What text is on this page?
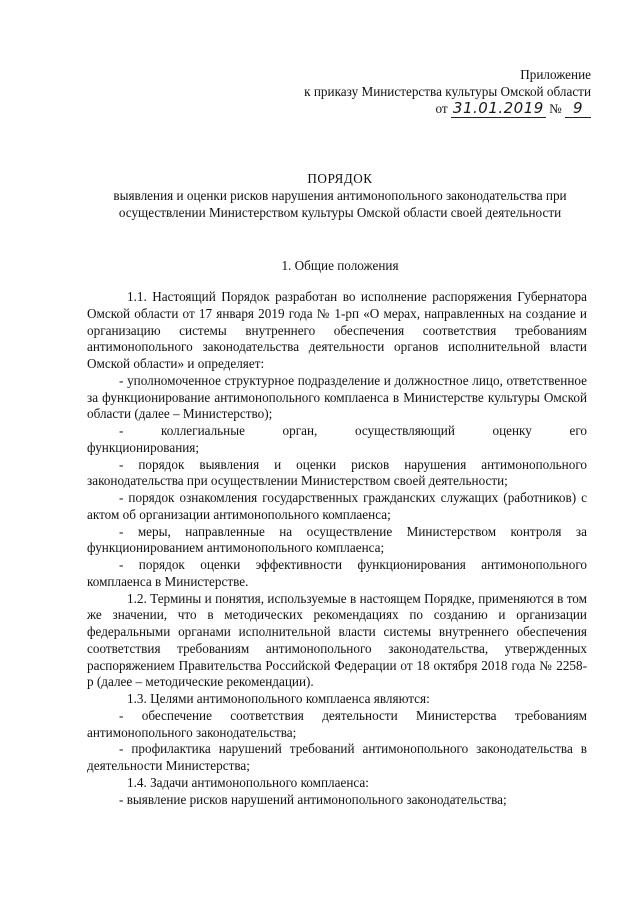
Приложение
к приказу Министерства культуры Омской области
от 31.01.2019 № 9
ПОРЯДОК
выявления и оценки рисков нарушения антимонопольного законодательства при осуществлении Министерством культуры Омской области своей деятельности
1. Общие положения

1.1. Настоящий Порядок разработан во исполнение распоряжения Губернатора Омской области от 17 января 2019 года № 1-рп «О мерах, направленных на создание и организацию системы внутреннего обеспечения соответствия требованиям антимонопольного законодательства деятельности органов исполнительной власти Омской области» и определяет:

- уполномоченное структурное подразделение и должностное лицо, ответственное за функционирование антимонопольного комплаенса в Министерстве культуры Омской области (далее – Министерство);

- коллегиальные орган, осуществляющий оценку его функционирования;

- порядок выявления и оценки рисков нарушения антимонопольного законодательства при осуществлении Министерством своей деятельности;

- порядок ознакомления государственных гражданских служащих (работников) с актом об организации антимонопольного комплаенса;

- меры, направленные на осуществление Министерством контроля за функционированием антимонопольного комплаенса;

- порядок оценки эффективности функционирования антимонопольного комплаенса в Министерстве.

1.2. Термины и понятия, используемые в настоящем Порядке, применяются в том же значении, что в методических рекомендациях по созданию и организации федеральными органами исполнительной власти системы внутреннего обеспечения соответствия требованиям антимонопольного законодательства, утвержденных распоряжением Правительства Российской Федерации от 18 октября 2018 года № 2258-р (далее – методические рекомендации).

1.3. Целями антимонопольного комплаенса являются:

- обеспечение соответствия деятельности Министерства требованиям антимонопольного законодательства;

- профилактика нарушений требований антимонопольного законодательства в деятельности Министерства;

1.4. Задачи антимонопольного комплаенса:

- выявление рисков нарушений антимонопольного законодательства;
